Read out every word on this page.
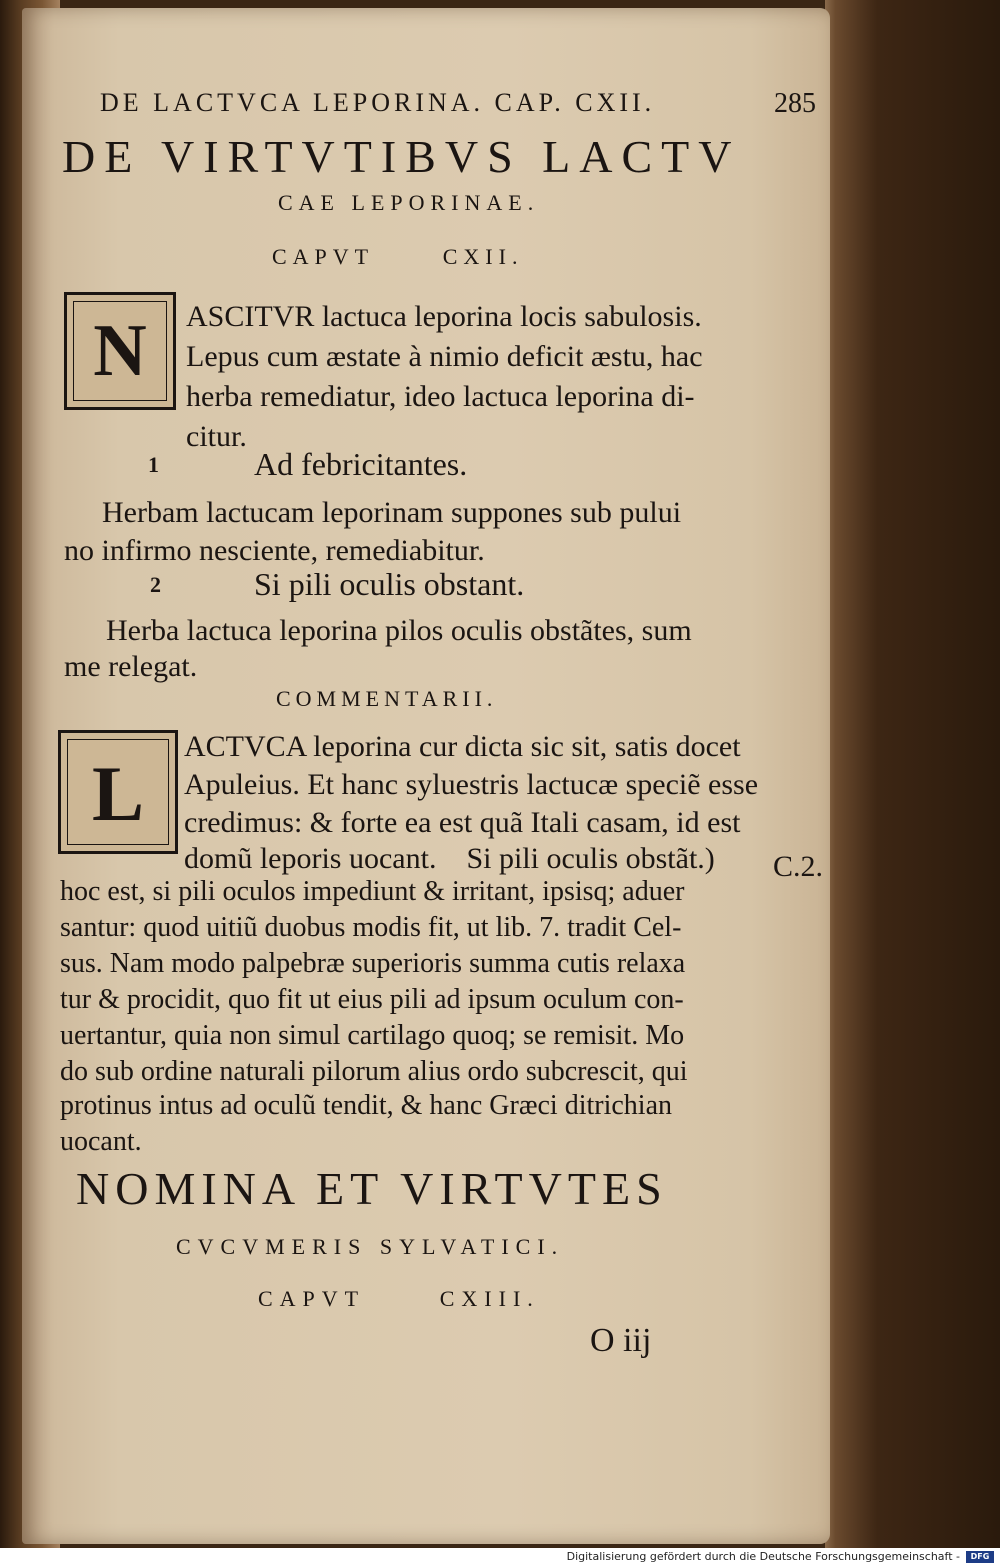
DE LACTVCA LEPORINA. CAP. CXII.	285
DE VIRTVTIBVS LACTV
CAE LEPORINAE.
CAPVT      CXII.
N	ASCITVR lactuca leporina locis sabulosis.
Lepus cum æstate à nimio deficit æstu, hac
herba remediatur, ideo lactuca leporina di-
citur.
1	Ad febricitantes.
Herbam lactucam leporinam suppones sub pului
no infirmo nesciente, remediabitur.
2	Si pili oculis obstant.
Herba lactuca leporina pilos oculis obstãtes, sum
me relegat.
COMMENTARII.
L
ACTVCA leporina cur dicta sic sit, satis docet
Apuleius. Et hanc syluestris lactucæ speciẽ esse
credimus: & forte ea est quã Itali casam, id est
domũ leporis uocant.    Si pili oculis obstãt.)
hoc est, si pili oculos impediunt & irritant, ipsisq; aduer
santur: quod uitiũ duobus modis fit, ut lib. 7. tradit Cel-
sus. Nam modo palpebræ superioris summa cutis relaxa
tur & procidit, quo fit ut eius pili ad ipsum oculum con-
uertantur, quia non simul cartilago quoq; se remisit. Mo
do sub ordine naturali pilorum alius ordo subcrescit, qui
protinus intus ad oculũ tendit, & hanc Græci ditrichian
uocant.
C.2.
NOMINA ET VIRTVTES
CVCVMERIS SYLVATICI.
CAPVT      CXIII.
O iij
Digitalisierung gefördert durch die Deutsche Forschungsgemeinschaft -	DFG
